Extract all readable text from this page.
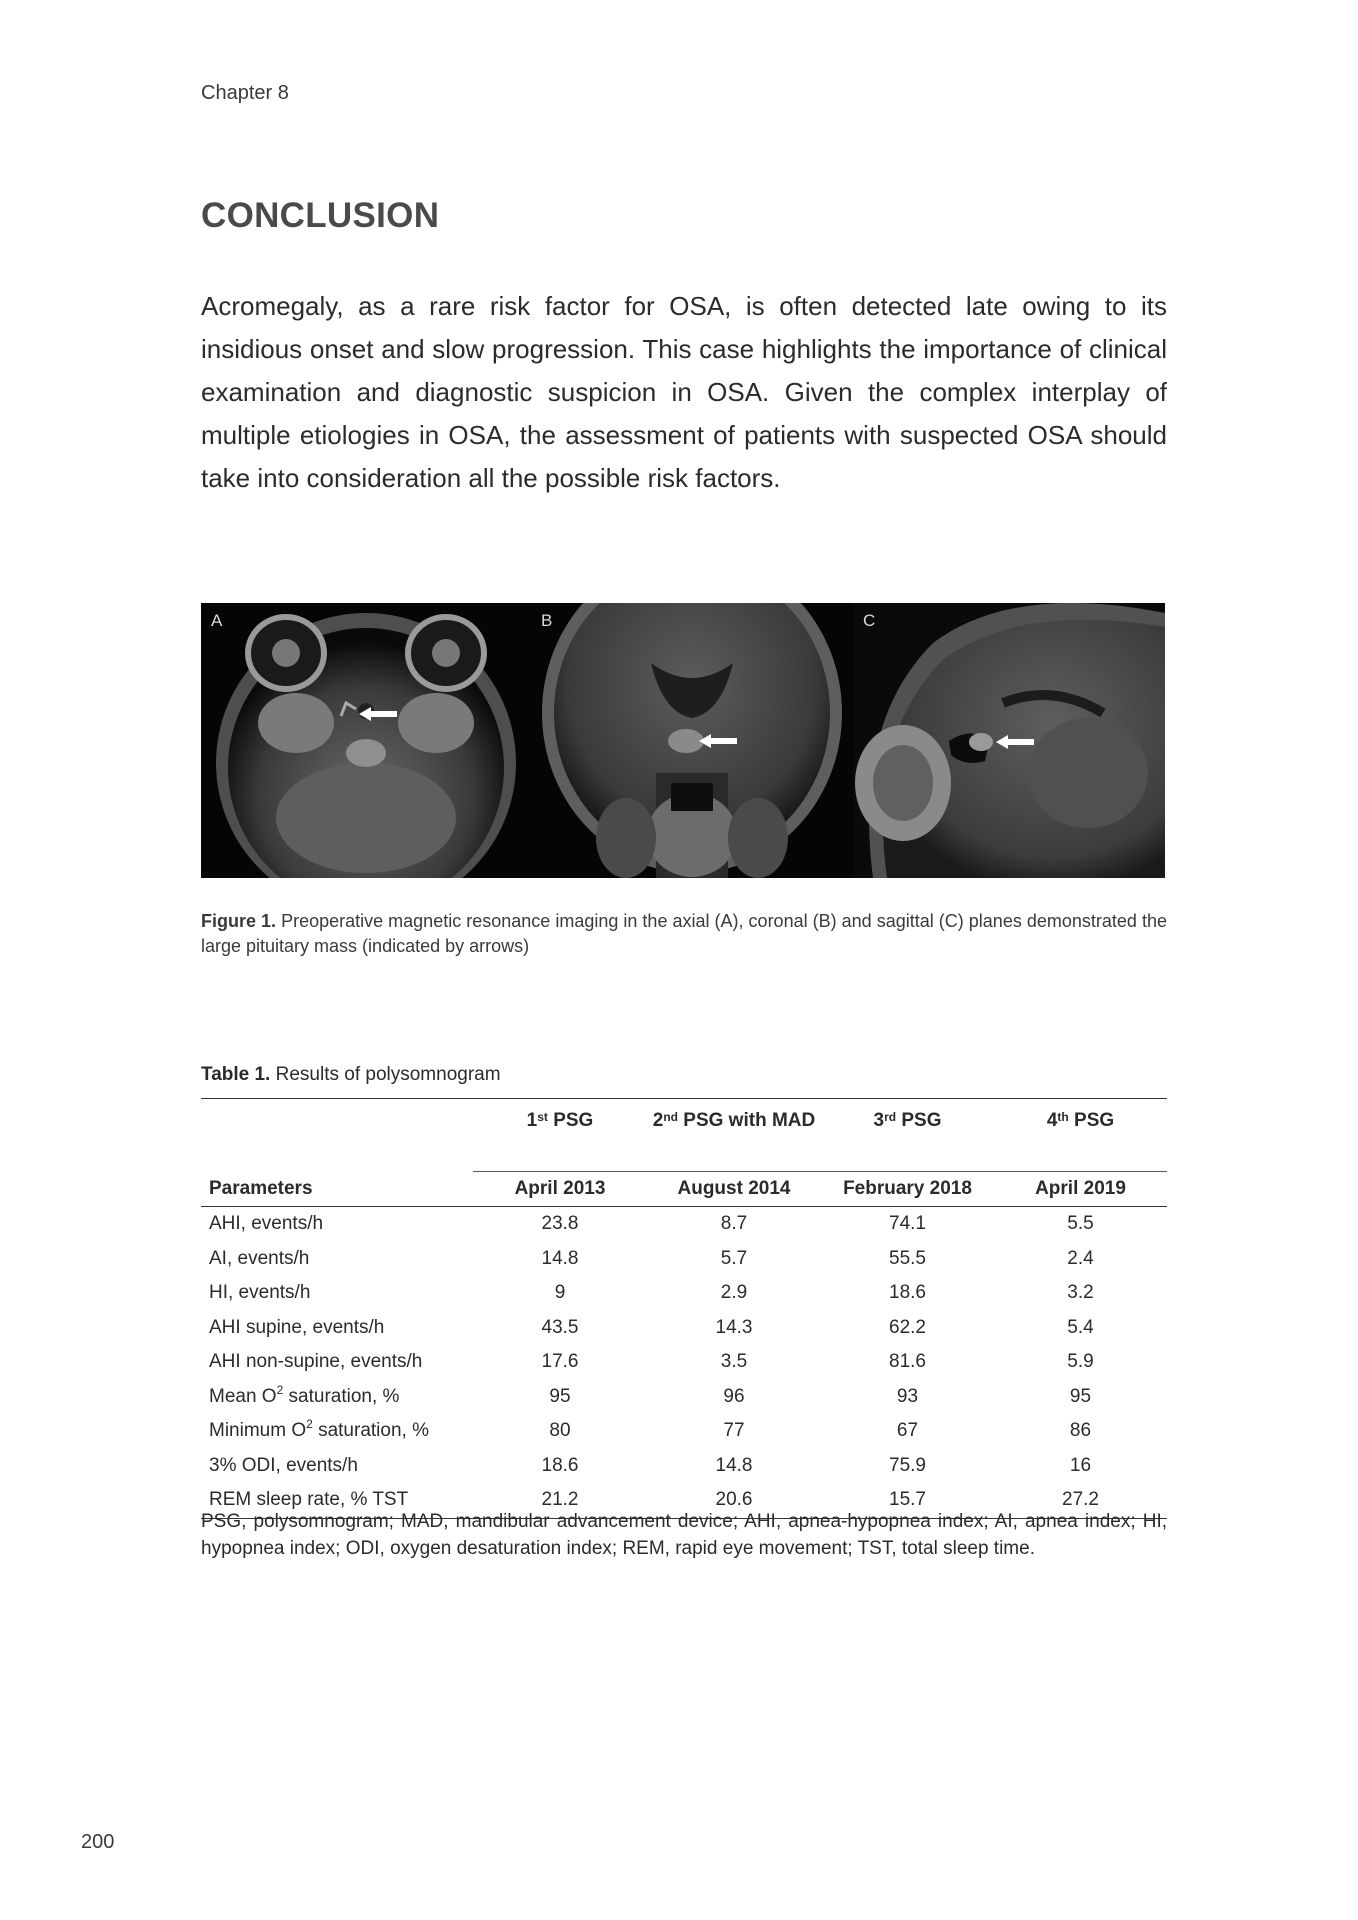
Chapter 8
CONCLUSION

Acromegaly, as a rare risk factor for OSA, is often detected late owing to its insidious onset and slow progression. This case highlights the importance of clinical examination and diagnostic suspicion in OSA. Given the complex interplay of multiple etiologies in OSA, the assessment of patients with suspected OSA should take into consideration all the possible risk factors.

A	B	C

Figure 1. Preoperative magnetic resonance imaging in the axial (A), coronal (B) and sagittal (C) planes demonstrated the large pituitary mass (indicated by arrows)

Table 1. Results of polysomnogram
	1st PSG	2nd PSG with MAD	3rd PSG	4th PSG
Parameters	April 2013	August 2014	February 2018	April 2019
AHI, events/h	23.8	8.7	74.1	5.5
AI, events/h	14.8	5.7	55.5	2.4
HI, events/h	9	2.9	18.6	3.2
AHI supine, events/h	43.5	14.3	62.2	5.4
AHI non-supine, events/h	17.6	3.5	81.6	5.9
Mean $O^2$ saturation, %	95	96	93	95
Minimum $O^2$ saturation, %	80	77	67	86
3% ODI, events/h	18.6	14.8	75.9	16
REM sleep rate, % TST	21.2	20.6	15.7	27.2

PSG, polysomnogram; MAD, mandibular advancement device; AHI, apnea-hypopnea index; AI, apnea index; HI, hypopnea index; ODI, oxygen desaturation index; REM, rapid eye movement; TST, total sleep time.

200
